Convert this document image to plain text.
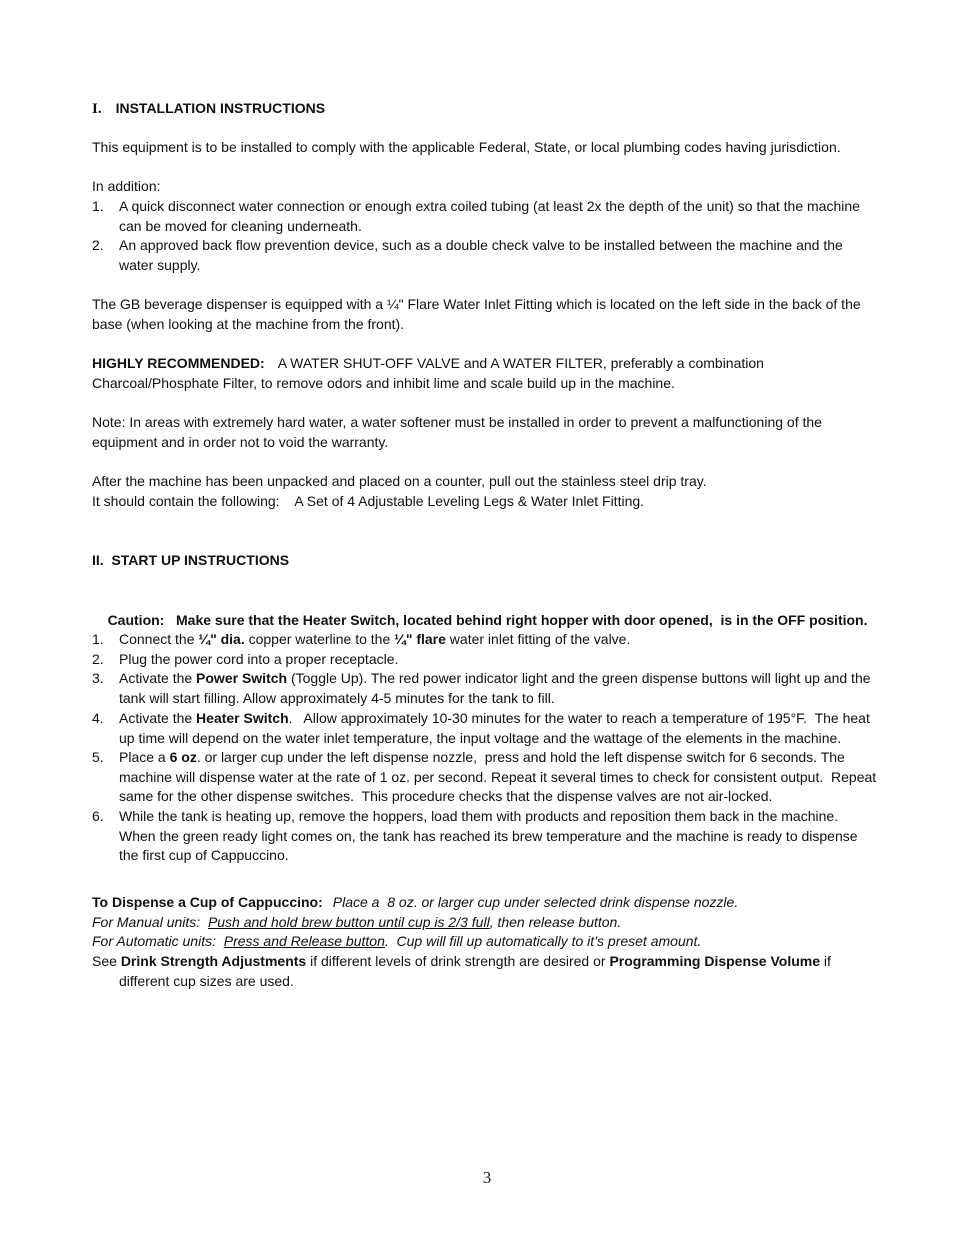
I. INSTALLATION INSTRUCTIONS
This equipment is to be installed to comply with the applicable Federal, State, or local plumbing codes having jurisdiction.
In addition:
1. A quick disconnect water connection or enough extra coiled tubing (at least 2x the depth of the unit) so that the machine
can be moved for cleaning underneath.
2. An approved back flow prevention device, such as a double check valve to be installed between the machine and the
water supply.
The GB beverage dispenser is equipped with a ¼" Flare Water Inlet Fitting which is located on the left side in the back of the
base (when looking at the machine from the front).
HIGHLY RECOMMENDED: A WATER SHUT-OFF VALVE and A WATER FILTER, preferably a combination
Charcoal/Phosphate Filter, to remove odors and inhibit lime and scale build up in the machine.
Note: In areas with extremely hard water, a water softener must be installed in order to prevent a malfunctioning of the
equipment and in order not to void the warranty.
After the machine has been unpacked and placed on a counter, pull out the stainless steel drip tray.
It should contain the following:    A Set of 4 Adjustable Leveling Legs & Water Inlet Fitting.
II.  START UP INSTRUCTIONS

Caution:   Make sure that the Heater Switch, located behind right hopper with door opened,  is in the OFF position.

1. Connect the ¼" dia. copper waterline to the ¼" flare water inlet fitting of the valve.
2. Plug the power cord into a proper receptacle.
3. Activate the Power Switch (Toggle Up). The red power indicator light and the green dispense buttons will light up and the
tank will start filling. Allow approximately 4-5 minutes for the tank to fill.
4. Activate the Heater Switch.   Allow approximately 10-30 minutes for the water to reach a temperature of 195°F.  The heat
up time will depend on the water inlet temperature, the input voltage and the wattage of the elements in the machine.
5. Place a 6 oz. or larger cup under the left dispense nozzle,  press and hold the left dispense switch for 6 seconds. The
machine will dispense water at the rate of 1 oz. per second. Repeat it several times to check for consistent output.  Repeat
same for the other dispense switches.  This procedure checks that the dispense valves are not air-locked.
6. While the tank is heating up, remove the hoppers, load them with products and reposition them back in the machine.
When the green ready light comes on, the tank has reached its brew temperature and the machine is ready to dispense
the first cup of Cappuccino.
To Dispense a Cup of Cappuccino: Place a  8 oz. or larger cup under selected drink dispense nozzle.
For Manual units:  Push and hold brew button until cup is 2/3 full, then release button.
For Automatic units:  Press and Release button.  Cup will fill up automatically to it’s preset amount.
See Drink Strength Adjustments if different levels of drink strength are desired or Programming Dispense Volume if
different cup sizes are used.
3
